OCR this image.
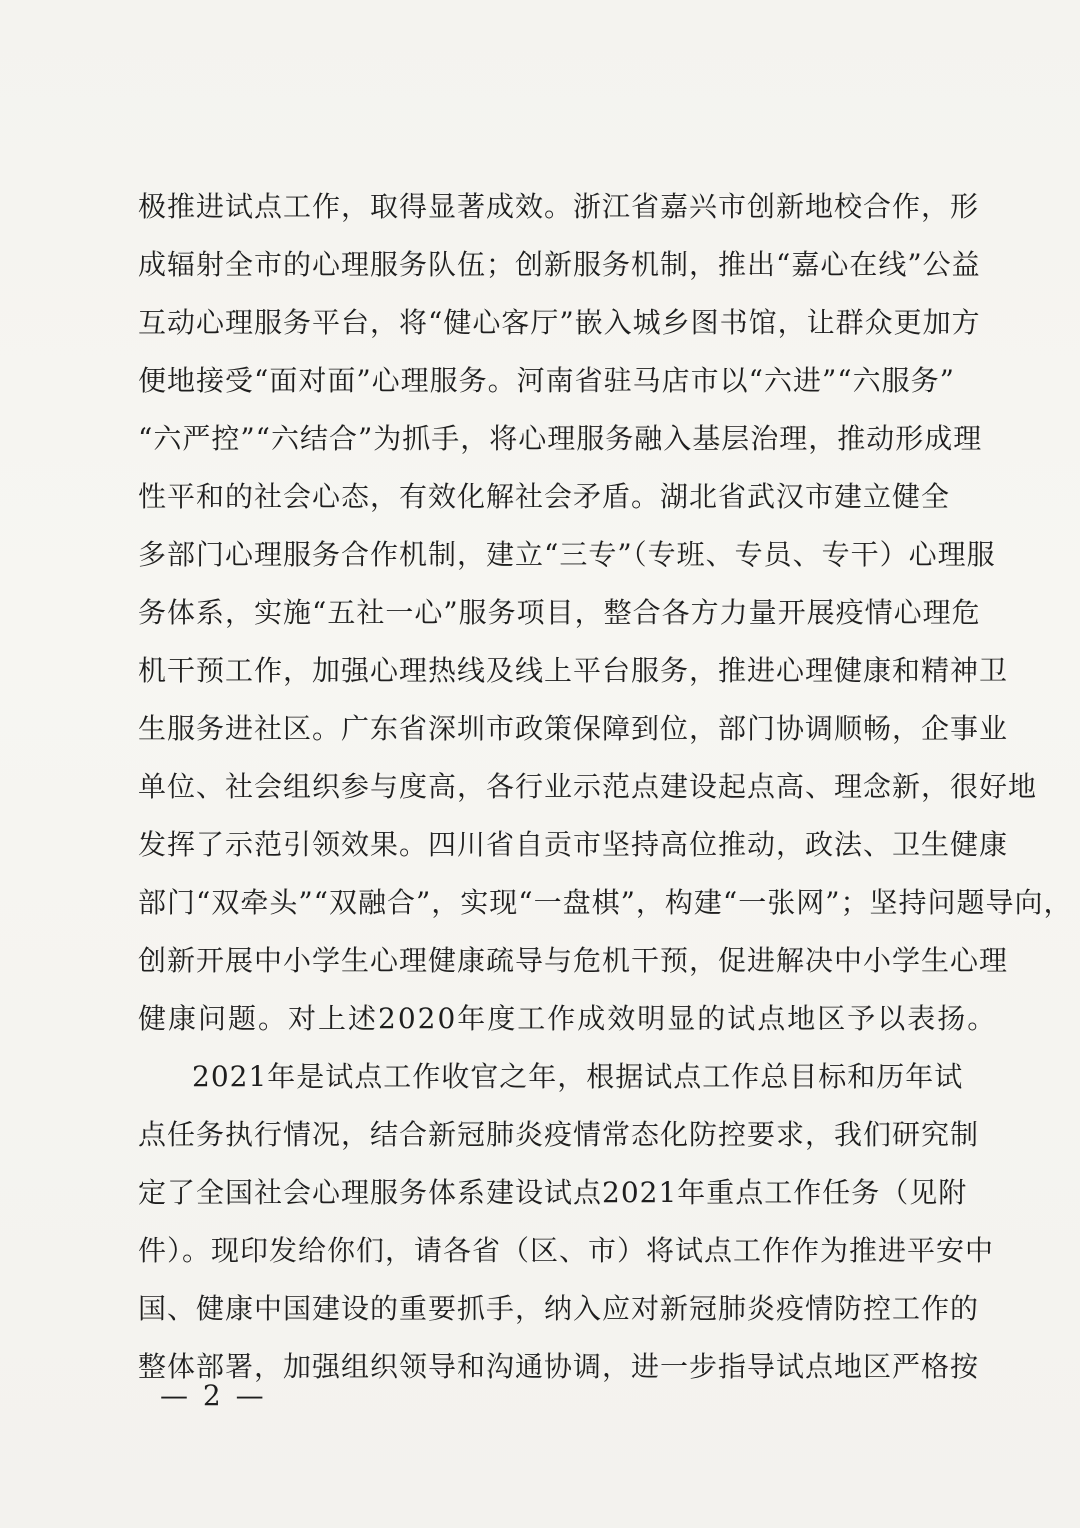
极推进试点工作，取得显著成效。浙江省嘉兴市创新地校合作，形
成辐射全市的心理服务队伍；创新服务机制，推出“嘉心在线”公益
互动心理服务平台，将“健心客厅”嵌入城乡图书馆，让群众更加方
便地接受“面对面”心理服务。河南省驻马店市以“六进”“六服务”
“六严控”“六结合”为抓手，将心理服务融入基层治理，推动形成理
性平和的社会心态，有效化解社会矛盾。湖北省武汉市建立健全
多部门心理服务合作机制，建立“三专”（专班、专员、专干）心理服
务体系，实施“五社一心”服务项目，整合各方力量开展疫情心理危
机干预工作，加强心理热线及线上平台服务，推进心理健康和精神卫
生服务进社区。广东省深圳市政策保障到位，部门协调顺畅，企事业
单位、社会组织参与度高，各行业示范点建设起点高、理念新，很好地
发挥了示范引领效果。四川省自贡市坚持高位推动，政法、卫生健康
部门“双牵头”“双融合”，实现“一盘棋”，构建“一张网”；坚持问题导向，
创新开展中小学生心理健康疏导与危机干预，促进解决中小学生心理
健康问题。对上述2020年度工作成效明显的试点地区予以表扬。
2021年是试点工作收官之年，根据试点工作总目标和历年试
点任务执行情况，结合新冠肺炎疫情常态化防控要求，我们研究制
定了全国社会心理服务体系建设试点2021年重点工作任务（见附
件）。现印发给你们，请各省（区、市）将试点工作作为推进平安中
国、健康中国建设的重要抓手，纳入应对新冠肺炎疫情防控工作的
整体部署，加强组织领导和沟通协调，进一步指导试点地区严格按
— 2 —
